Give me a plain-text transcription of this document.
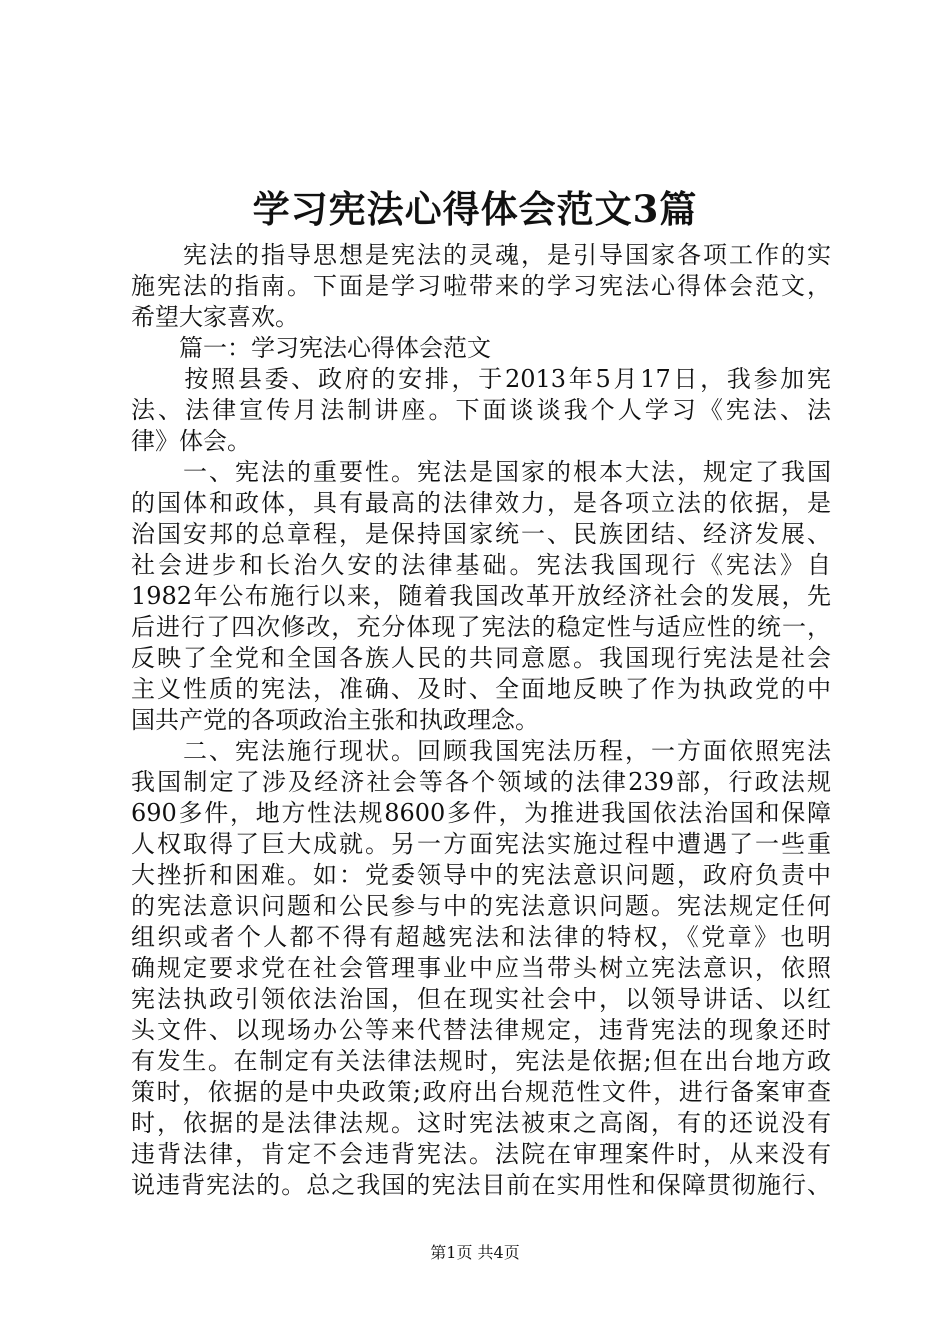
学习宪法心得体会范文3篇
　　宪法的指导思想是宪法的灵魂，是引导国家各项工作的实
施宪法的指南。下面是学习啦带来的学习宪法心得体会范文，
希望大家喜欢。
　　篇一：学习宪法心得体会范文
　　按照县委、政府的安排，于2013年5月17日，我参加宪
法、法律宣传月法制讲座。下面谈谈我个人学习《宪法、法
律》体会。
　　一、宪法的重要性。宪法是国家的根本大法，规定了我国
的国体和政体，具有最高的法律效力，是各项立法的依据，是
治国安邦的总章程，是保持国家统一、民族团结、经济发展、
社会进步和长治久安的法律基础。宪法我国现行《宪法》自
1982年公布施行以来，随着我国改革开放经济社会的发展，先
后进行了四次修改，充分体现了宪法的稳定性与适应性的统一，
反映了全党和全国各族人民的共同意愿。我国现行宪法是社会
主义性质的宪法，准确、及时、全面地反映了作为执政党的中
国共产党的各项政治主张和执政理念。
　　二、宪法施行现状。回顾我国宪法历程，一方面依照宪法
我国制定了涉及经济社会等各个领域的法律239部，行政法规
690多件，地方性法规8600多件，为推进我国依法治国和保障
人权取得了巨大成就。另一方面宪法实施过程中遭遇了一些重
大挫折和困难。如：党委领导中的宪法意识问题，政府负责中
的宪法意识问题和公民参与中的宪法意识问题。宪法规定任何
组织或者个人都不得有超越宪法和法律的特权，《党章》也明
确规定要求党在社会管理事业中应当带头树立宪法意识，依照
宪法执政引领依法治国，但在现实社会中，以领导讲话、以红
头文件、以现场办公等来代替法律规定，违背宪法的现象还时
有发生。在制定有关法律法规时，宪法是依据;但在出台地方政
策时，依据的是中央政策;政府出台规范性文件，进行备案审查
时，依据的是法律法规。这时宪法被束之高阁，有的还说没有
违背法律，肯定不会违背宪法。法院在审理案件时，从来没有
说违背宪法的。总之我国的宪法目前在实用性和保障贯彻施行、
第1页 共4页
